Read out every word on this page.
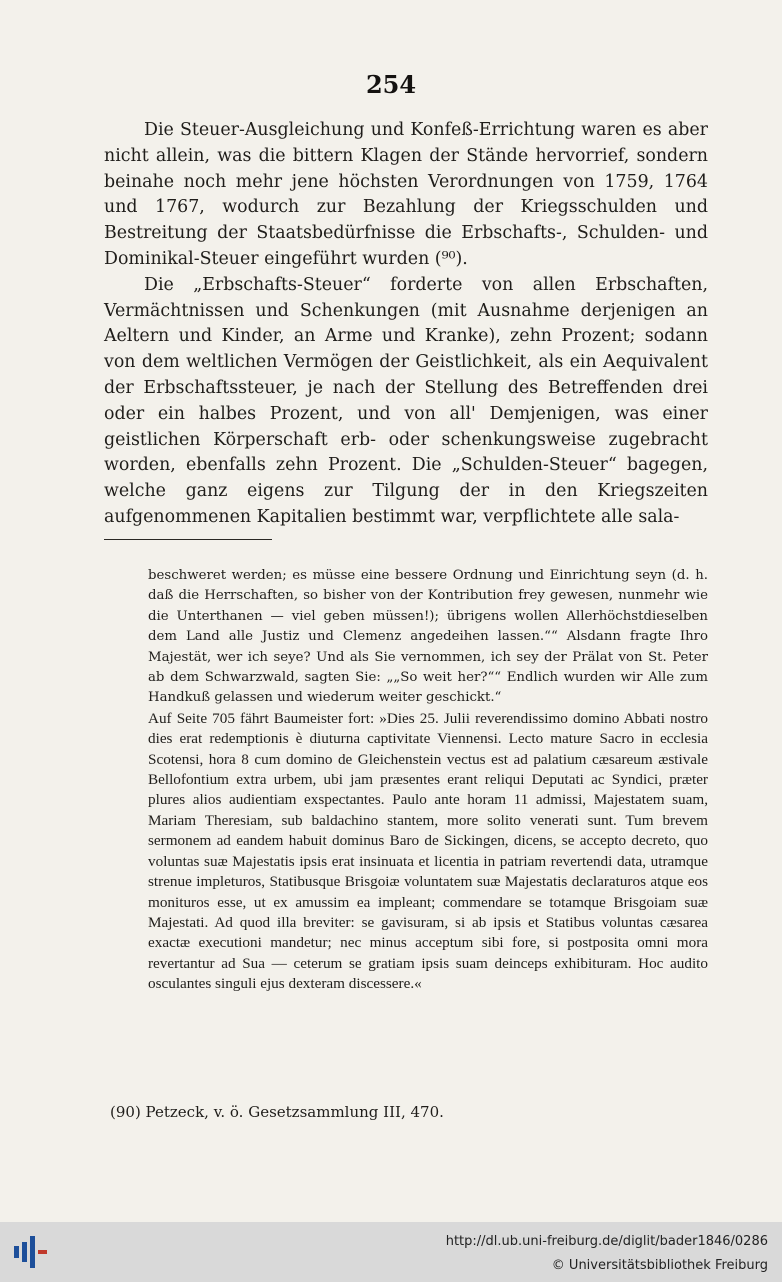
254

Die Steuer-Ausgleichung und Konfeß-Errichtung waren es aber nicht allein, was die bittern Klagen der Stände hervorrief, sondern beinahe noch mehr jene höchsten Verordnungen von 1759, 1764 und 1767, wodurch zur Bezahlung der Kriegsschulden und Bestreitung der Staatsbedürfnisse die Erbschafts-, Schulden- und Dominikal-Steuer eingeführt wurden (⁹⁰).

Die „Erbschafts-Steuer“ forderte von allen Erbschaften, Vermächtnissen und Schenkungen (mit Ausnahme derjenigen an Aeltern und Kinder, an Arme und Kranke), zehn Prozent; sodann von dem weltlichen Vermögen der Geistlichkeit, als ein Aequivalent der Erbschaftssteuer, je nach der Stellung des Betreffenden drei oder ein halbes Prozent, und von all' Demjenigen, was einer geistlichen Körperschaft erb- oder schenkungsweise zugebracht worden, ebenfalls zehn Prozent. Die „Schulden-Steuer“ bagegen, welche ganz eigens zur Tilgung der in den Kriegszeiten aufgenommenen Kapitalien bestimmt war, verpflichtete alle sala-

beschweret werden; es müsse eine bessere Ordnung und Einrichtung seyn (d. h. daß die Herrschaften, so bisher von der Kontribution frey gewesen, nunmehr wie die Unterthanen — viel geben müssen!); übrigens wollen Allerhöchstdieselben dem Land alle Justiz und Clemenz angedeihen lassen.““ Alsdann fragte Ihro Majestät, wer ich seye? Und als Sie vernommen, ich sey der Prälat von St. Peter ab dem Schwarzwald, sagten Sie: „„So weit her?““ Endlich wurden wir Alle zum Handkuß gelassen und wiederum weiter geschickt.“

Auf Seite 705 fährt Baumeister fort: »Dies 25. Julii reverendissimo domino Abbati nostro dies erat redemptionis è diuturna captivitate Viennensi. Lecto mature Sacro in ecclesia Scotensi, hora 8 cum domino de Gleichenstein vectus est ad palatium cæsareum æstivale Bellofontium extra urbem, ubi jam præsentes erant reliqui Deputati ac Syndici, præter plures alios audientiam exspectantes. Paulo ante horam 11 admissi, Majestatem suam, Mariam Theresiam, sub baldachino stantem, more solito venerati sunt. Tum brevem sermonem ad eandem habuit dominus Baro de Sickingen, dicens, se accepto decreto, quo voluntas suæ Majestatis ipsis erat insinuata et licentia in patriam revertendi data, utramque strenue impleturos, Statibusque Brisgoiæ voluntatem suæ Majestatis declaraturos atque eos monituros esse, ut ex amussim ea impleant; commendare se totamque Brisgoiam suæ Majestati. Ad quod illa breviter: se gavisuram, si ab ipsis et Statibus voluntas cæsarea exactæ executioni mandetur; nec minus acceptum sibi fore, si postposita omni mora revertantur ad Sua — ceterum se gratiam ipsis suam deinceps exhibituram. Hoc audito osculantes singuli ejus dexteram discessere.«

(90) Petzeck, v. ö. Gesetzsammlung III, 470.
http://dl.ub.uni-freiburg.de/diglit/bader1846/0286
© Universitätsbibliothek Freiburg
